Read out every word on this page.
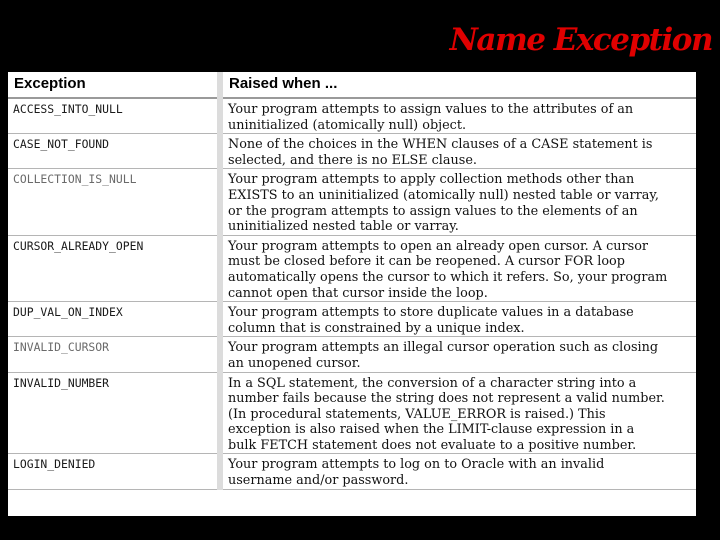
Name Exception
Exception	Raised when ...
ACCESS_INTO_NULL	Your program attempts to assign values to the attributes of an
uninitialized (atomically null) object.

CASE_NOT_FOUND	None of the choices in the WHEN clauses of a CASE statement is
selected, and there is no ELSE clause.

COLLECTION_IS_NULL	Your program attempts to apply collection methods other than
EXISTS to an uninitialized (atomically null) nested table or varray,
or the program attempts to assign values to the elements of an
uninitialized nested table or varray.

CURSOR_ALREADY_OPEN	Your program attempts to open an already open cursor. A cursor
must be closed before it can be reopened. A cursor FOR loop
automatically opens the cursor to which it refers. So, your program
cannot open that cursor inside the loop.

DUP_VAL_ON_INDEX	Your program attempts to store duplicate values in a database
column that is constrained by a unique index.

INVALID_CURSOR	Your program attempts an illegal cursor operation such as closing
an unopened cursor.

INVALID_NUMBER	In a SQL statement, the conversion of a character string into a
number fails because the string does not represent a valid number.
(In procedural statements, VALUE_ERROR is raised.) This
exception is also raised when the LIMIT-clause expression in a
bulk FETCH statement does not evaluate to a positive number.

LOGIN_DENIED	Your program attempts to log on to Oracle with an invalid
username and/or password.
